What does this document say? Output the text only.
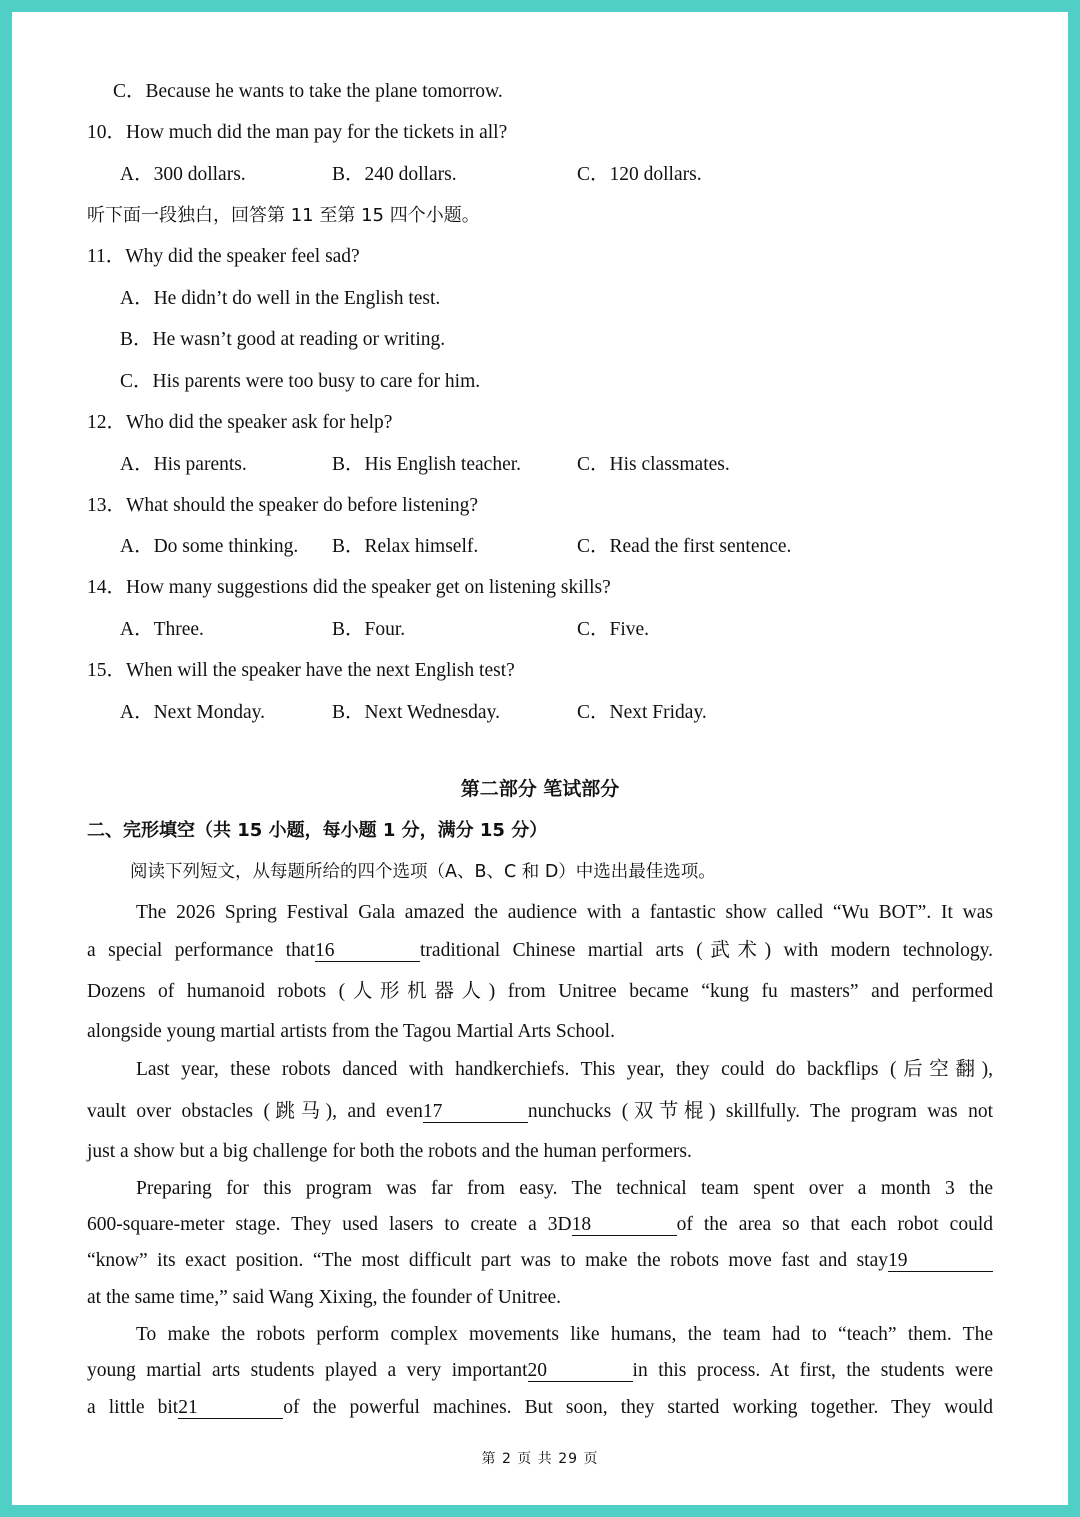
C．Because he wants to take the plane tomorrow.
10．How much did the man pay for the tickets in all?
A．300 dollars.	B．240 dollars.	C．120 dollars.
听下面一段独白，回答第 11 至第 15 四个小题。
11．Why did the speaker feel sad?
A．He didn’t do well in the English test.
B．He wasn’t good at reading or writing.
C．His parents were too busy to care for him.
12．Who did the speaker ask for help?
A．His parents.	B．His English teacher.	C．His classmates.
13．What should the speaker do before listening?
A．Do some thinking. B．Relax himself.	C．Read the first sentence.
14．How many suggestions did the speaker get on listening skills?
A．Three.	B．Four.	C．Five.
15．When will the speaker have the next English test?
A．Next Monday.	B．Next Wednesday.	C．Next Friday.
第二部分 笔试部分
二、完形填空（共 15 小题，每小题 1 分，满分 15 分）
阅读下列短文，从每题所给的四个选项（A、B、C 和 D）中选出最佳选项。
The 2026 Spring Festival Gala amazed the audience with a fantastic show called “Wu BOT”. It was
a special performance that16	traditional Chinese martial arts (武术) with modern technology.
Dozens of humanoid robots (人形机器人) from Unitree became “kung fu masters” and performed
alongside young martial artists from the Tagou Martial Arts School.
Last year, these robots danced with handkerchiefs. This year, they could do backflips (后空翻),
vault over obstacles (跳马), and even17	nunchucks (双节棍) skillfully. The program was not
just a show but a big challenge for both the robots and the human performers.
Preparing for this program was far from easy. The technical team spent over a month 3 the
600-square-meter stage. They used lasers to create a 3D18	of the area so that each robot could
“know” its exact position. “The most difficult part was to make the robots move fast and stay19
at the same time,” said Wang Xixing, the founder of Unitree.
To make the robots perform complex movements like humans, the team had to “teach” them. The
young martial arts students played a very important20	in this process. At first, the students were
a little bit21	of the powerful machines. But soon, they started working together. They would
第 2 页 共 29 页
